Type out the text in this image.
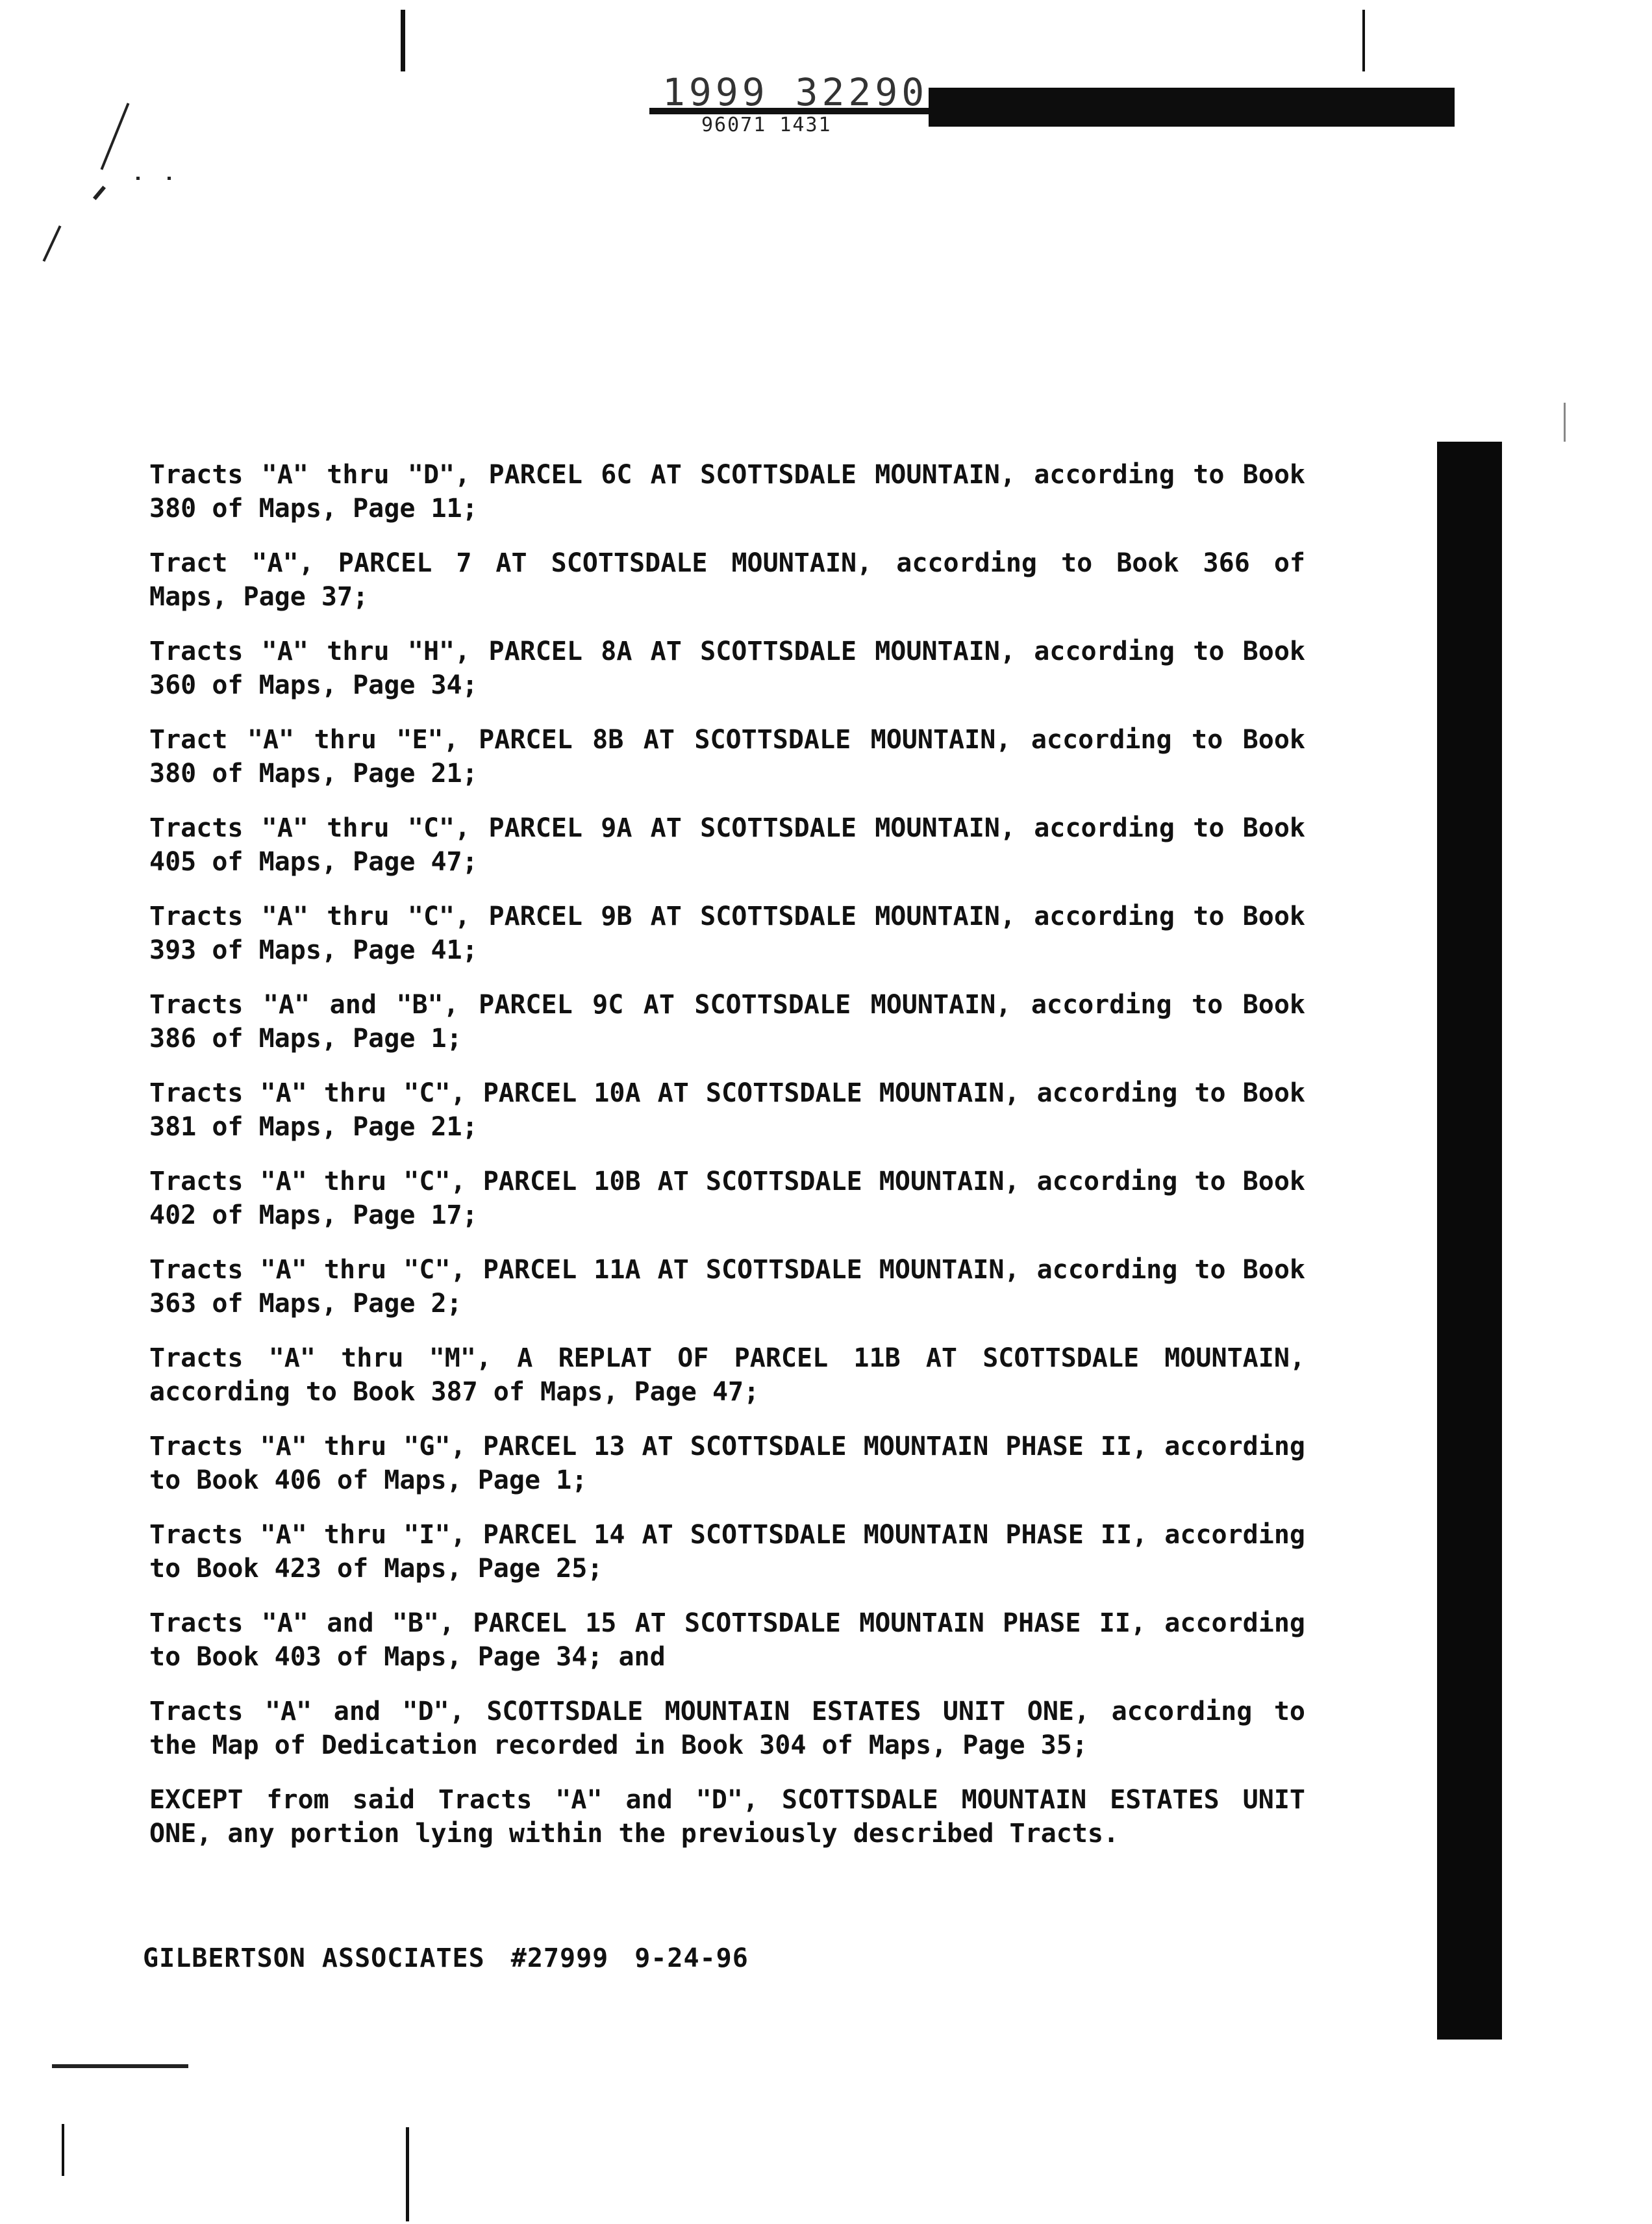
1999 32290
96071 1431

Tracts "A" thru "D", PARCEL 6C AT SCOTTSDALE MOUNTAIN, according to Book 380 of Maps, Page 11;

Tract "A", PARCEL 7 AT SCOTTSDALE MOUNTAIN, according to Book 366 of Maps, Page 37;

Tracts "A" thru "H", PARCEL 8A AT SCOTTSDALE MOUNTAIN, according to Book 360 of Maps, Page 34;

Tract "A" thru "E", PARCEL 8B AT SCOTTSDALE MOUNTAIN, according to Book 380 of Maps, Page 21;

Tracts "A" thru "C", PARCEL 9A AT SCOTTSDALE MOUNTAIN, according to Book 405 of Maps, Page 47;

Tracts "A" thru "C", PARCEL 9B AT SCOTTSDALE MOUNTAIN, according to Book 393 of Maps, Page 41;

Tracts "A" and "B", PARCEL 9C AT SCOTTSDALE MOUNTAIN, according to Book 386 of Maps, Page 1;

Tracts "A" thru "C", PARCEL 10A AT SCOTTSDALE MOUNTAIN, according to Book 381 of Maps, Page 21;

Tracts "A" thru "C", PARCEL 10B AT SCOTTSDALE MOUNTAIN, according to Book 402 of Maps, Page 17;

Tracts "A" thru "C", PARCEL 11A AT SCOTTSDALE MOUNTAIN, according to Book 363 of Maps, Page 2;

Tracts "A" thru "M", A REPLAT OF PARCEL 11B AT SCOTTSDALE MOUNTAIN, according to Book 387 of Maps, Page 47;

Tracts "A" thru "G", PARCEL 13 AT SCOTTSDALE MOUNTAIN PHASE II, according to Book 406 of Maps, Page 1;

Tracts "A" thru "I", PARCEL 14 AT SCOTTSDALE MOUNTAIN PHASE II, according to Book 423 of Maps, Page 25;

Tracts "A" and "B", PARCEL 15 AT SCOTTSDALE MOUNTAIN PHASE II, according to Book 403 of Maps, Page 34; and

Tracts "A" and "D", SCOTTSDALE MOUNTAIN ESTATES UNIT ONE, according to the Map of Dedication recorded in Book 304 of Maps, Page 35;

EXCEPT from said Tracts "A" and "D", SCOTTSDALE MOUNTAIN ESTATES UNIT ONE, any portion lying within the previously described Tracts.

GILBERTSON ASSOCIATES #27999 9-24-96
